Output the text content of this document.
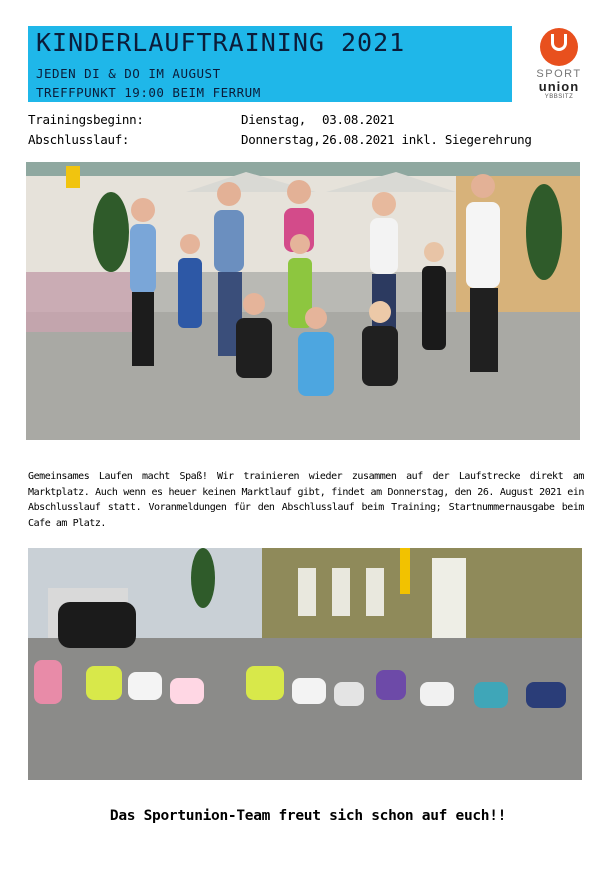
KINDERLAUFTRAINING 2021
JEDEN DI & DO IM AUGUST
TREFFPUNKT 19:00 BEIM FERRUM
SPORT
union
YBBSITZ
Trainingsbeginn:	Dienstag, 03.08.2021
Abschlusslauf:	Donnerstag, 26.08.2021 inkl. Siegerehrung
Gemeinsames Laufen macht Spaß! Wir trainieren wieder zusammen auf der Laufstrecke direkt am Marktplatz. Auch wenn es heuer keinen Marktlauf gibt, findet am Donnerstag, den 26. August 2021 ein Abschlusslauf statt. Voranmeldungen für den Abschlusslauf beim Training; Startnummernausgabe beim Cafe am Platz.
Das Sportunion-Team freut sich schon auf euch!!
